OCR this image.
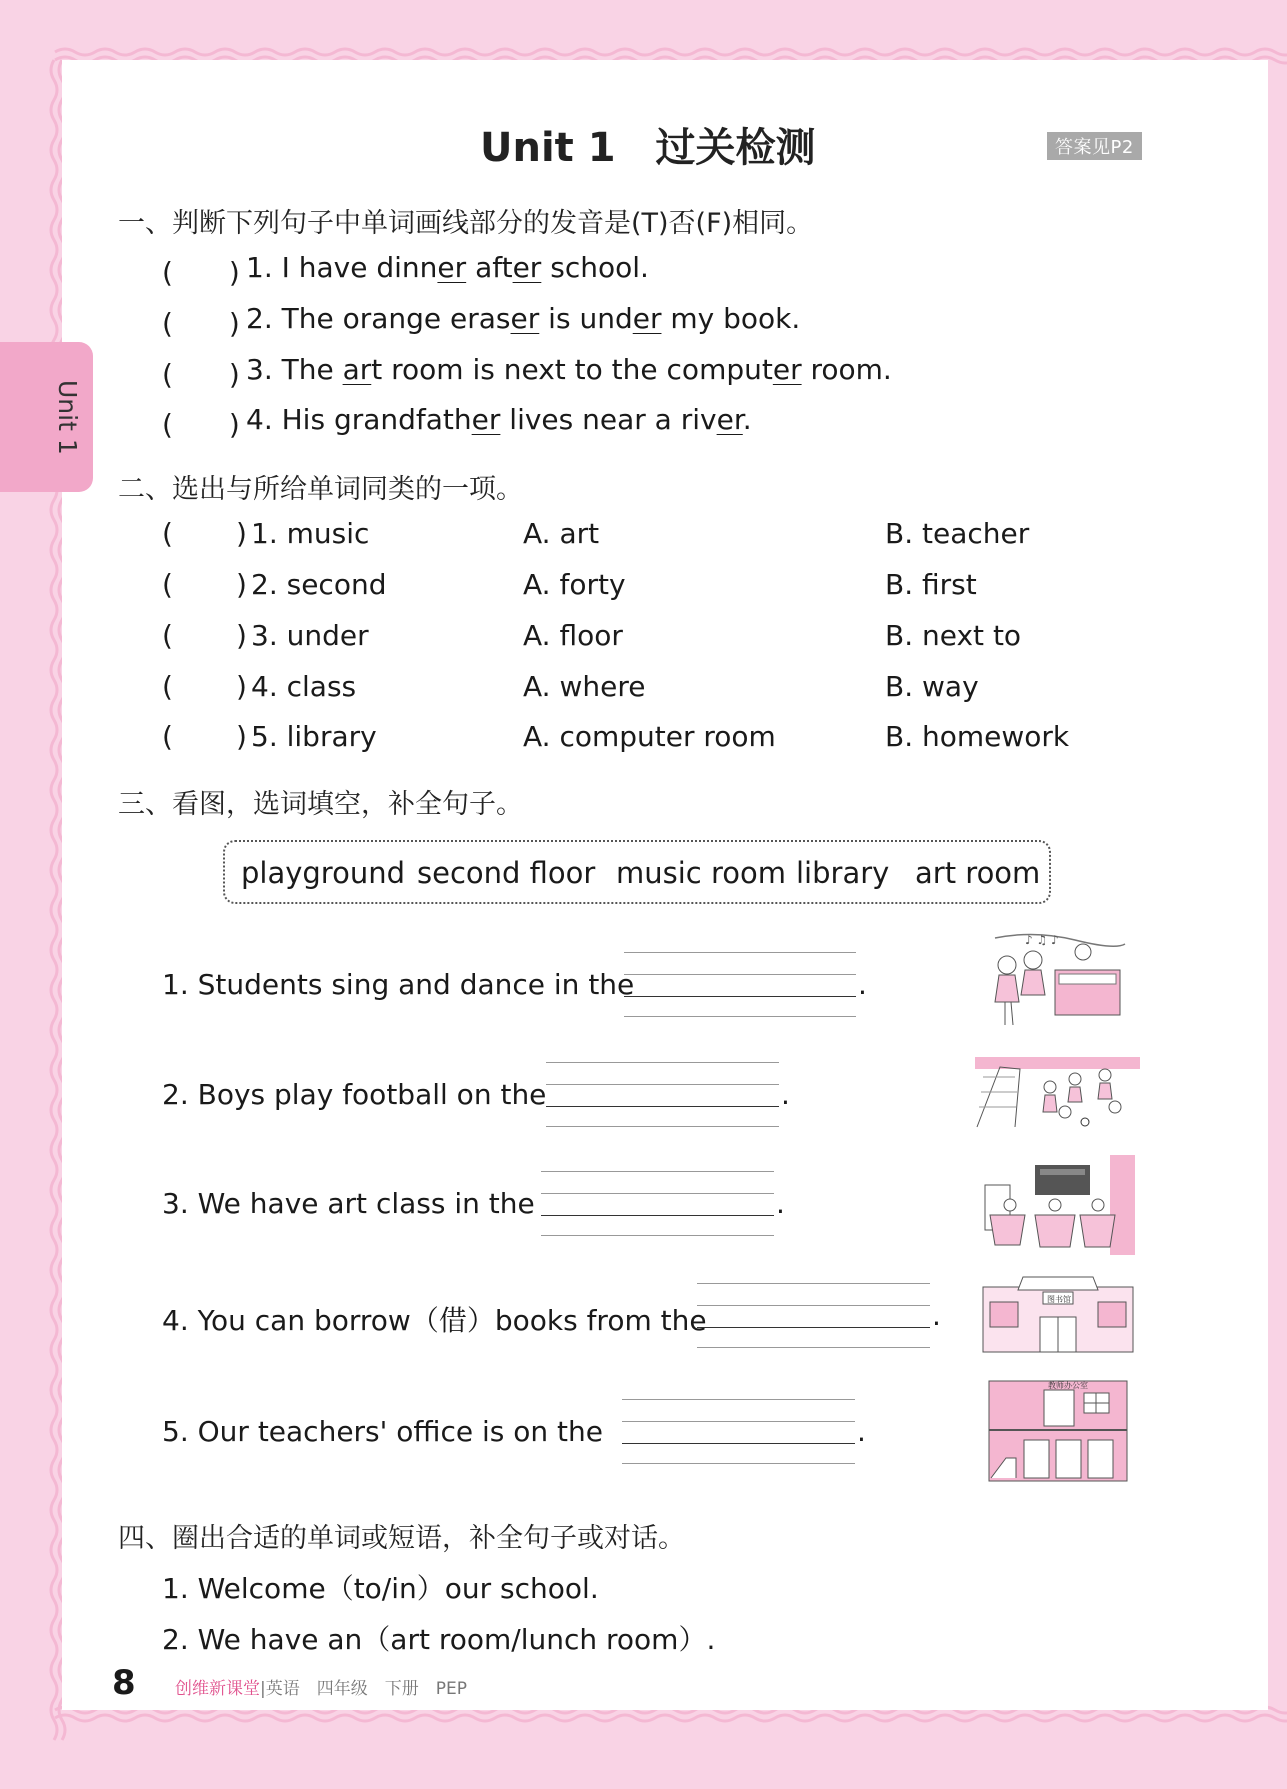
Unit 1
Unit 1　过关检测	答案见P2
一、判断下列句子中单词画线部分的发音是(T)否(F)相同。
(　　) 1. I have dinner after school.
(　　) 2. The orange eraser is under my book.
(　　) 3. The art room is next to the computer room.
(　　) 4. His grandfather lives near a river.
二、选出与所给单词同类的一项。
( ) 1. music	A. art	B. teacher
( ) 2. second	A. forty	B. first
( ) 3. under	A. floor	B. next to
( ) 4. class	A. where	B. way
( ) 5. library	A. computer room	B. homework
三、看图，选词填空，补全句子。
playground second floor music room library art room
1. Students sing and dance in the	.
2. Boys play football on the	.
3. We have art class in the	.
4. You can borrow（借）books from the	.
5. Our teachers' office is on the	.
♪ ♫ ♪
图书馆
教师办公室
四、圈出合适的单词或短语，补全句子或对话。
1. Welcome（to/in）our school.
2. We have an（art room/lunch room）.
8 创维新课堂|英语　四年级　下册　PEP
